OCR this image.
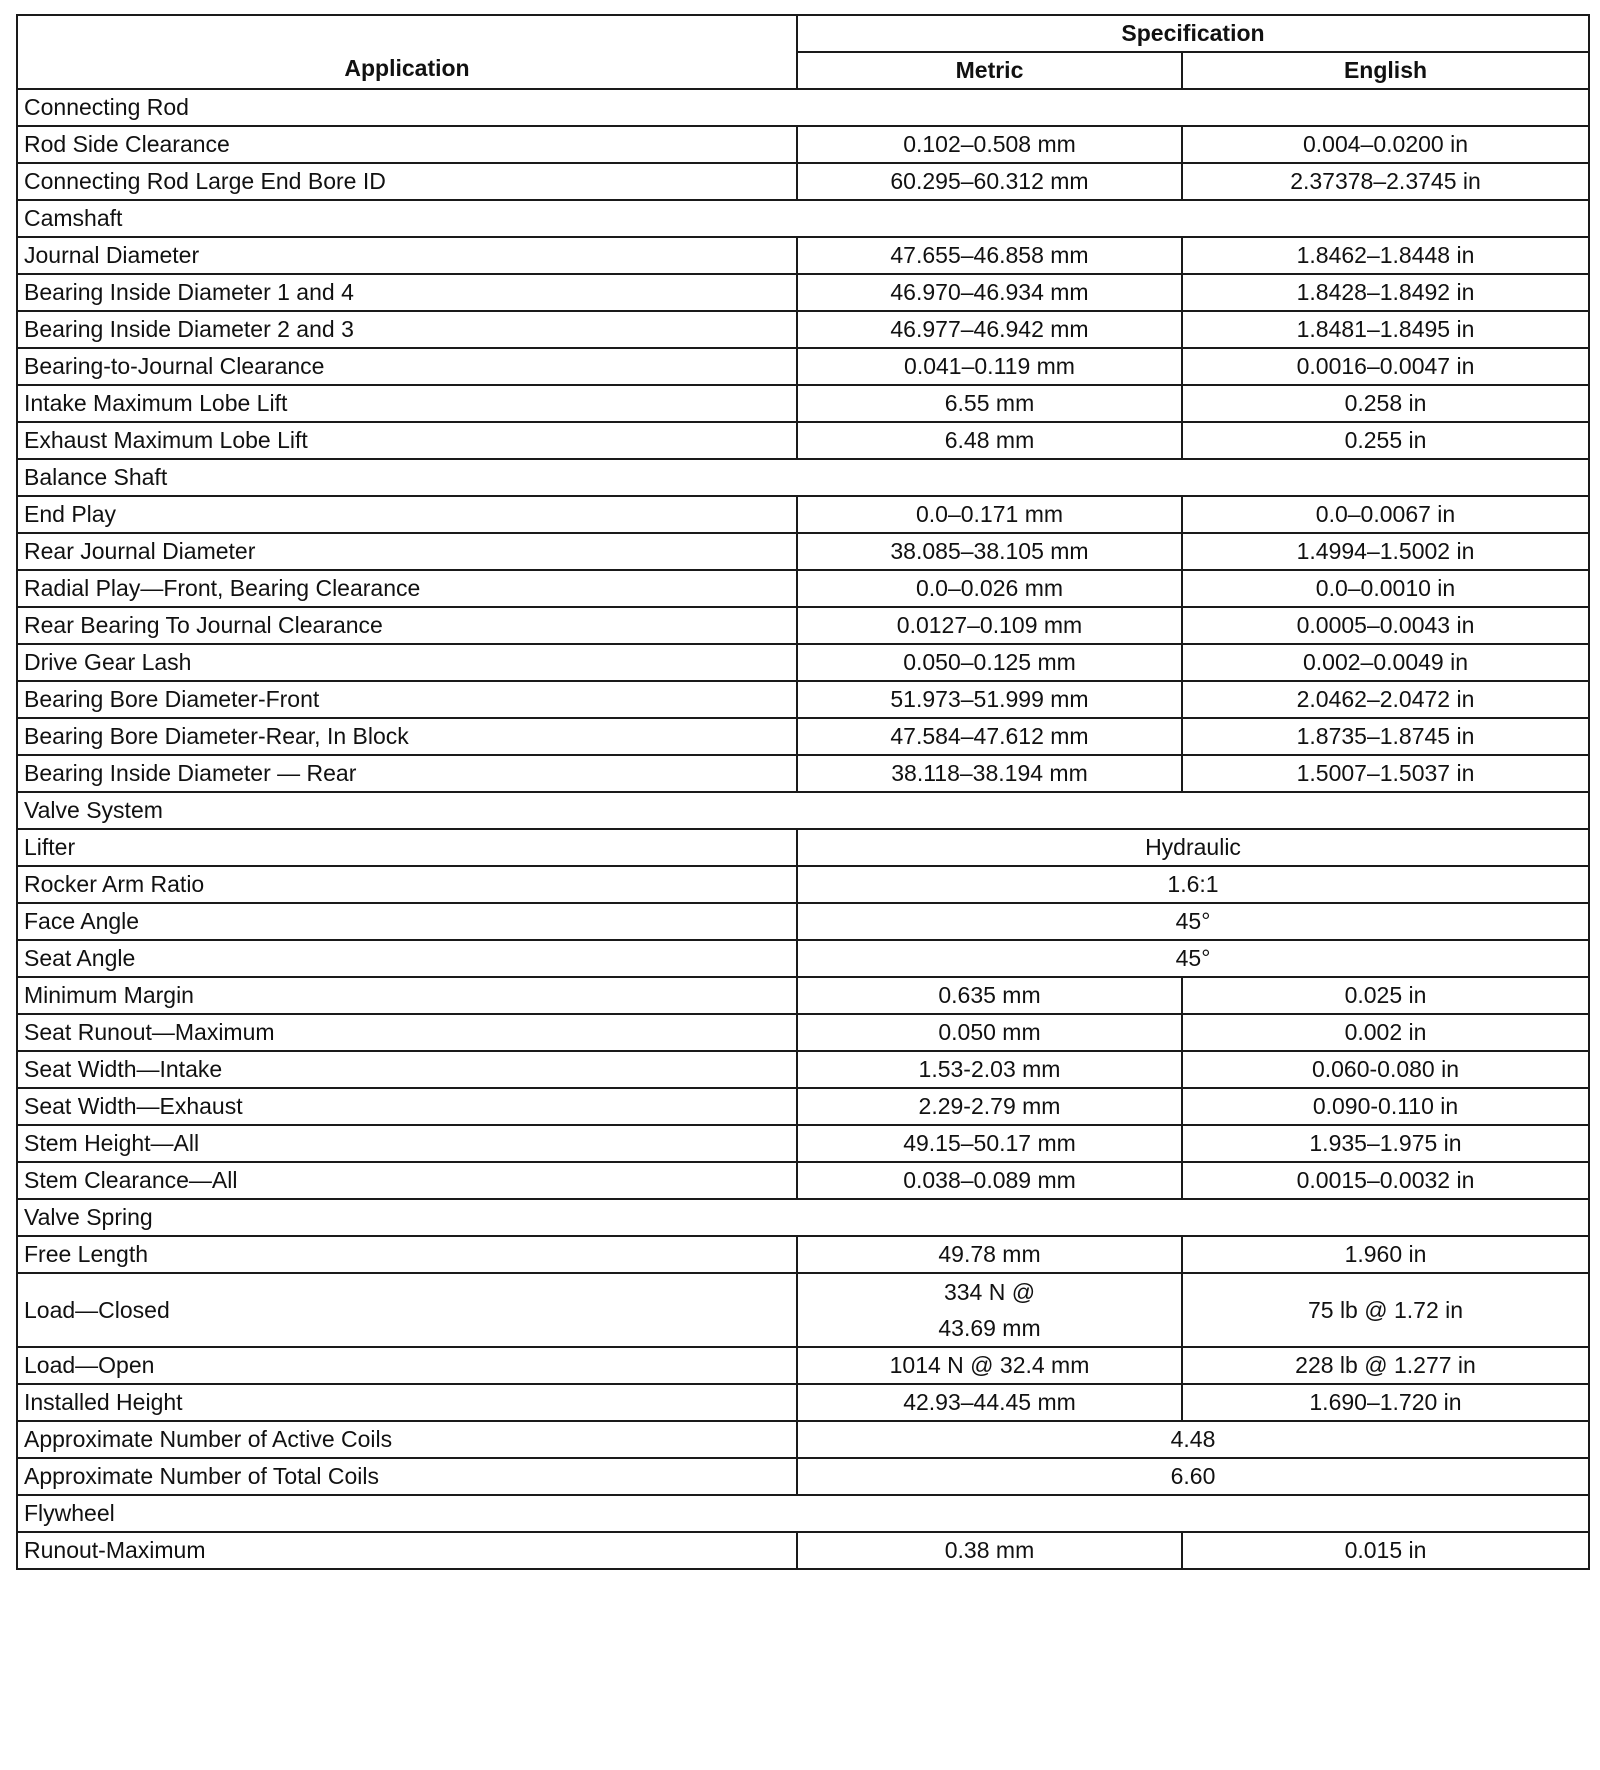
Application	Specification	
	Metric	English
Connecting Rod		
Rod Side Clearance	0.102–0.508 mm	0.004–0.0200 in
Connecting Rod Large End Bore ID	60.295–60.312 mm	2.37378–2.3745 in
Camshaft		
Journal Diameter	47.655–46.858 mm	1.8462–1.8448 in
Bearing Inside Diameter 1 and 4	46.970–46.934 mm	1.8428–1.8492 in
Bearing Inside Diameter 2 and 3	46.977–46.942 mm	1.8481–1.8495 in
Bearing-to-Journal Clearance	0.041–0.119 mm	0.0016–0.0047 in
Intake Maximum Lobe Lift	6.55 mm	0.258 in
Exhaust Maximum Lobe Lift	6.48 mm	0.255 in
Balance Shaft		
End Play	0.0–0.171 mm	0.0–0.0067 in
Rear Journal Diameter	38.085–38.105 mm	1.4994–1.5002 in
Radial Play—Front, Bearing Clearance	0.0–0.026 mm	0.0–0.0010 in
Rear Bearing To Journal Clearance	0.0127–0.109 mm	0.0005–0.0043 in
Drive Gear Lash	0.050–0.125 mm	0.002–0.0049 in
Bearing Bore Diameter-Front	51.973–51.999 mm	2.0462–2.0472 in
Bearing Bore Diameter-Rear, In Block	47.584–47.612 mm	1.8735–1.8745 in
Bearing Inside Diameter — Rear	38.118–38.194 mm	1.5007–1.5037 in
Valve System		
Lifter	Hydraulic	
Rocker Arm Ratio	1.6:1	
Face Angle	45°	
Seat Angle	45°	
Minimum Margin	0.635 mm	0.025 in
Seat Runout—Maximum	0.050 mm	0.002 in
Seat Width—Intake	1.53-2.03 mm	0.060-0.080 in
Seat Width—Exhaust	2.29-2.79 mm	0.090-0.110 in
Stem Height—All	49.15–50.17 mm	1.935–1.975 in
Stem Clearance—All	0.038–0.089 mm	0.0015–0.0032 in
Valve Spring		
Free Length	49.78 mm	1.960 in
Load—Closed	334 N @ 43.69 mm	75 lb @ 1.72 in
Load—Open	1014 N @ 32.4 mm	228 lb @ 1.277 in
Installed Height	42.93–44.45 mm	1.690–1.720 in
Approximate Number of Active Coils	4.48	
Approximate Number of Total Coils	6.60	
Flywheel		
Runout-Maximum	0.38 mm	0.015 in
